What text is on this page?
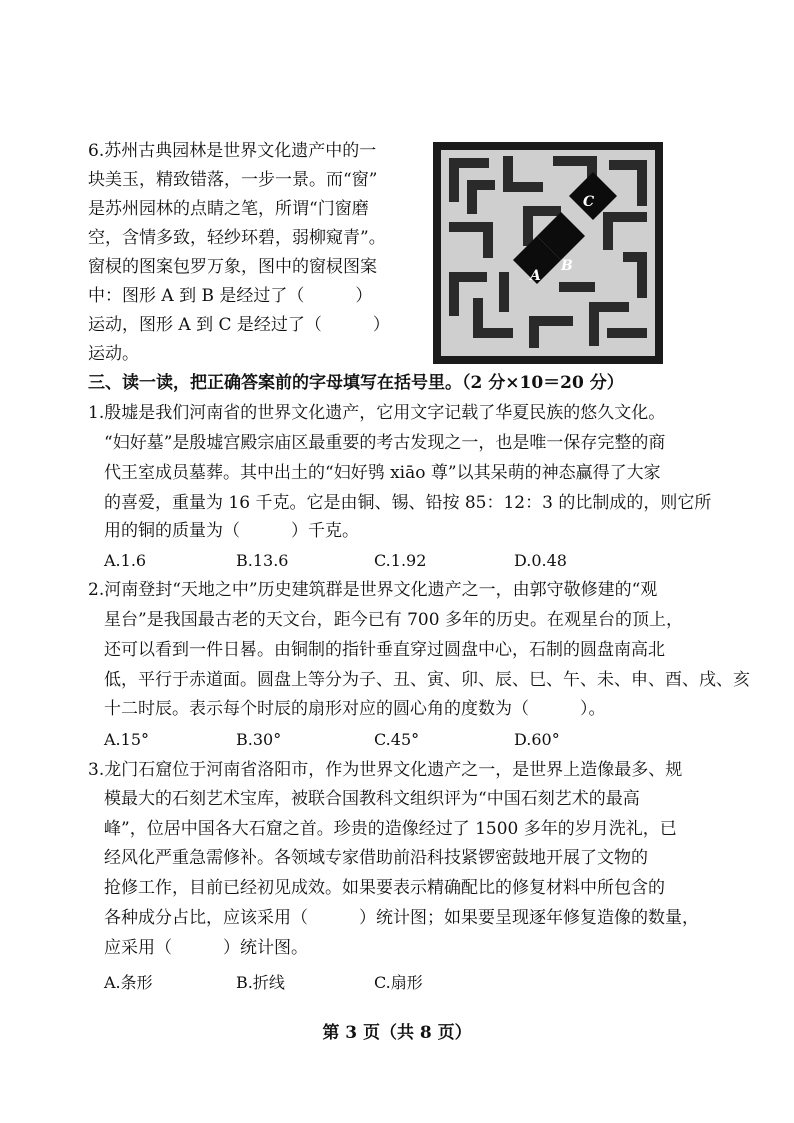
6.苏州古典园林是世界文化遗产中的一
块美玉，精致错落，一步一景。而“窗”
是苏州园林的点睛之笔，所谓“门窗磨
空，含情多致，轻纱环碧，弱柳窥青”。
窗棂的图案包罗万象，图中的窗棂图案
中：图形 A 到 B 是经过了（　　　）
运动，图形 A 到 C 是经过了（　　　）
运动。
A
B
C
三、读一读，把正确答案前的字母填写在括号里。（2 分×10＝20 分）
1.殷墟是我们河南省的世界文化遗产，它用文字记载了华夏民族的悠久文化。
“妇好墓”是殷墟宫殿宗庙区最重要的考古发现之一，也是唯一保存完整的商
代王室成员墓葬。其中出土的“妇好鸮 xiāo 尊”以其呆萌的神态赢得了大家
的喜爱，重量为 16 千克。它是由铜、锡、铅按 85：12：3 的比制成的，则它所
用的铜的质量为（　　　）千克。
A.1.6	B.13.6	C.1.92	D.0.48
2.河南登封“天地之中”历史建筑群是世界文化遗产之一，由郭守敬修建的“观
星台”是我国最古老的天文台，距今已有 700 多年的历史。在观星台的顶上，
还可以看到一件日晷。由铜制的指针垂直穿过圆盘中心，石制的圆盘南高北
低，平行于赤道面。圆盘上等分为子、丑、寅、卯、辰、巳、午、未、申、酉、戌、亥
十二时辰。表示每个时辰的扇形对应的圆心角的度数为（　　　）。
A.15°	B.30°	C.45°	D.60°
3.龙门石窟位于河南省洛阳市，作为世界文化遗产之一，是世界上造像最多、规
模最大的石刻艺术宝库，被联合国教科文组织评为“中国石刻艺术的最高
峰”，位居中国各大石窟之首。珍贵的造像经过了 1500 多年的岁月洗礼，已
经风化严重急需修补。各领域专家借助前沿科技紧锣密鼓地开展了文物的
抢修工作，目前已经初见成效。如果要表示精确配比的修复材料中所包含的
各种成分占比，应该采用（　　　）统计图；如果要呈现逐年修复造像的数量，
应采用（　　　）统计图。
A.条形	B.折线	C.扇形
第 3 页（共 8 页）
